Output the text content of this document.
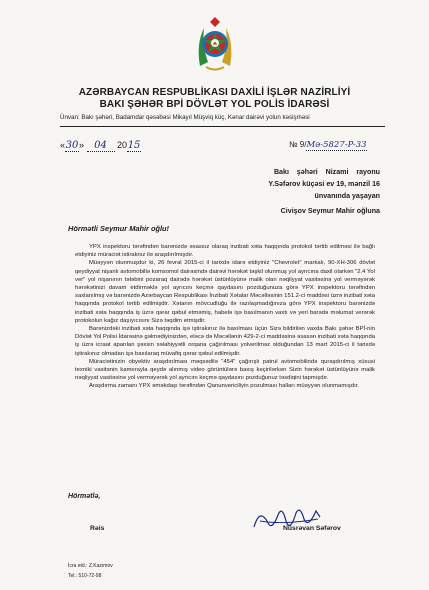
AZƏRBAYCAN RESPUBLİKASI DAXİLİ İŞLƏR NAZİRLİYİ
BAKI ŞƏHƏR BPİ DÖVLƏT YOL POLİS İDARƏSİ
Ünvan: Bakı şəhəri, Badamdar qəsəbəsi Mikayıl Müşviq küç, Kənar dairəvi yolun kəsişməsi
«30» 04 2015	№ 9/Mə-5827-P-33
Bakı    şəhəri    Nizami    rayonu
Y.Səfərov küçəsi ev 19, mənzil 16
ünvanında yaşayan
Civişov Seymur Mahir oğluna
Hörmətli Seymur Mahir oğlu!

YPX inspektoru tərəfindən barənizdə əsassız olaraq inzibati xəta haqqında protokol tərtib edilməsi ilə bağlı etdiyiniz müraciət istiraknız ilə araşdırılmışdır.

Müəyyən olunmuşdur ki, 26 fevral 2015-ci il tarixdə idarə etdiyiniz "Chevrolet" markalı, 90-XH-306 dövlət qeydiyyat nişanlı avtomobillə komsomol dairəsində dairəvi hərəkət təşkil olunmuş yol ayrıcına daxil olarkən "2.4 Yol ver" yol nişanının tələbini pozaraq dairədə hərəkət üstünlüyünə malik olan nəqliyyat vasitəsinə yol verməyərək hərəkətinizi davam etdirməklə yol ayrıcını keçmə qaydasını pozduğunuza görə YPX inspektoru tərəfindən saxlanılmış və barənizdə Azərbaycan Respublikası İnzibati Xətalar Məcəlləsinin 151.2-ci maddəsi üzrə inzibati xəta haqqında protokol tərtib edilmişdir. Xətanın mövcudluğu ilə razılaşmadığınıza görə YPX inspektoru barənizdə inzibati xəta haqqında iş üzrə qərar qəbul etməmiş, habelə işə baxılmanın vaxtı və yeri barədə məlumat verərək protokolun kağız daşıyıcısını Sizə təqdim etmişdir.

Barənizdəki inzibati xəta haqqında işə iştirakınız ilə baxılması üçün Sizə bildirilən vaxda Bakı şəhər BPİ-nin Dövlət Yol Polisi İdarəsinə gəlmədiyinizdən, eləcə də Məcəllənin 429-2-ci maddəsinə əsasən inzibati xəta haqqında iş üzrə icraat aparılan şəxsin səlahiyyətli orqana çağırılması yolverilməz olduğundan 13 mart 2015-ci il tarixdə iştirakınız olmadan işə baxılaraq müvafiq qərar qəbul edilmişdir.

Müraciətinizin obyektiv araşdırılması məqsədilə "454" çağırışlı patrul avtomobilində quraşdırılmış xüsusi texniki vasitənin kamerayla qeydə alınmış video görüntülərə baxış keçirilərkən Sizin hərəkət üstünlüyünə malik nəqliyyat vasitəsinə yol verməyərək yol ayrıcını keçmə qaydasını pozduğunuz təsdiqini tapmışdır.

Araşdırma zamanı YPX əməkdaşı tərəfindən Qanunvericiliyin pozulması halları müəyyən olunmamışdır.

Hörmətlə,
Rəis	Nüsrəvan Səfərov
İcra etd.: Z.Kazımov
Tel.: 510-72-98
